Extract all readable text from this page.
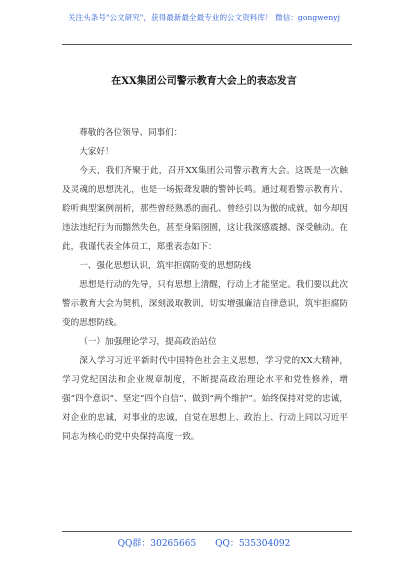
关注头条号"公文研究"，获得最新最全最专业的公文资料库！ 微信：gongwenyj
在XX集团公司警示教育大会上的表态发言

尊敬的各位领导、同事们：

大家好！

今天，我们齐聚于此，召开XX集团公司警示教育大会。这既是一次触及灵魂的思想洗礼，也是一场振聋发聩的警钟长鸣。通过观看警示教育片、聆听典型案例剖析，那些曾经熟悉的面孔、曾经引以为傲的成就，如今却因违法违纪行为而黯然失色，甚至身陷囹圄，这让我深感震撼、深受触动。在此，我谨代表全体员工，郑重表态如下：

一、强化思想认识，筑牢拒腐防变的思想防线

思想是行动的先导，只有思想上清醒，行动上才能坚定。我们要以此次警示教育大会为契机，深刻汲取教训，切实增强廉洁自律意识，筑牢拒腐防变的思想防线。

（一）加强理论学习，提高政治站位

深入学习习近平新时代中国特色社会主义思想，学习党的XX大精神，学习党纪国法和企业规章制度，不断提高政治理论水平和党性修养，增强“四个意识”、坚定“四个自信”、做到“两个维护”。始终保持对党的忠诚，对企业的忠诚，对事业的忠诚，自觉在思想上、政治上、行动上同以习近平同志为核心的党中央保持高度一致。

QQ群：30265665 QQ：535304092
